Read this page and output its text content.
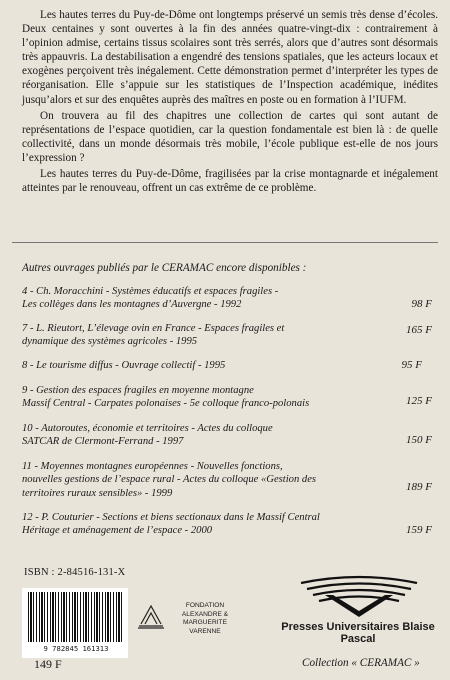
Les hautes terres du Puy-de-Dôme ont longtemps préservé un semis très dense d’écoles. Deux centaines y sont ouvertes à la fin des années quatre-vingt-dix : contrairement à l’opinion admise, certains tissus scolaires sont très serrés, alors que d’autres sont désormais très appauvris. La destabilisation a engendré des tensions spatiales, que les acteurs locaux et exogènes perçoivent très inégalement. Cette démonstration permet d’interpréter les types de réorganisation. Elle s’appuie sur les statistiques de l’Inspection académique, inédites jusqu’alors et sur des enquêtes auprès des maîtres en poste ou en formation à l’IUFM.

On trouvera au fil des chapitres une collection de cartes qui sont autant de représentations de l’espace quotidien, car la question fondamentale est bien là : de quelle collectivité, dans un monde désormais très mobile, l’école publique est-elle de nos jours l’expression ?

Les hautes terres du Puy-de-Dôme, fragilisées par la crise montagnarde et inégalement atteintes par le renouveau, offrent un cas extrême de ce problème.

Autres ouvrages publiés par le CERAMAC encore disponibles :
4 - Ch. Moracchini - Systèmes éducatifs et espaces fragiles -
Les collèges dans les montagnes d’Auvergne - 1992	98 F
7 - L. Rieutort, L’élevage ovin en France - Espaces fragiles et
dynamique des systèmes agricoles - 1995
165 F
8 - Le tourisme diffus - Ouvrage collectif - 1995	95 F
9 - Gestion des espaces fragiles en moyenne montagne
Massif Central - Carpates polonaises - 5e colloque franco-polonais	125 F
10 - Autoroutes, économie et territoires - Actes du colloque
SATCAR de Clermont-Ferrand - 1997	150 F
11 - Moyennes montagnes européennes - Nouvelles fonctions,
nouvelles gestions de l’espace rural - Actes du colloque «Gestion des
territoires ruraux sensibles» - 1999
189 F
12 - P. Couturier - Sections et biens sectionaux dans le Massif Central
Héritage et aménagement de l’espace - 2000	159 F
ISBN : 2-84516-131-X
9 782845 161313
FONDATION
ALEXANDRE & MARGUERITE
VARENNE	Presses Universitaires Blaise Pascal
149 F	Collection « CERAMAC »
